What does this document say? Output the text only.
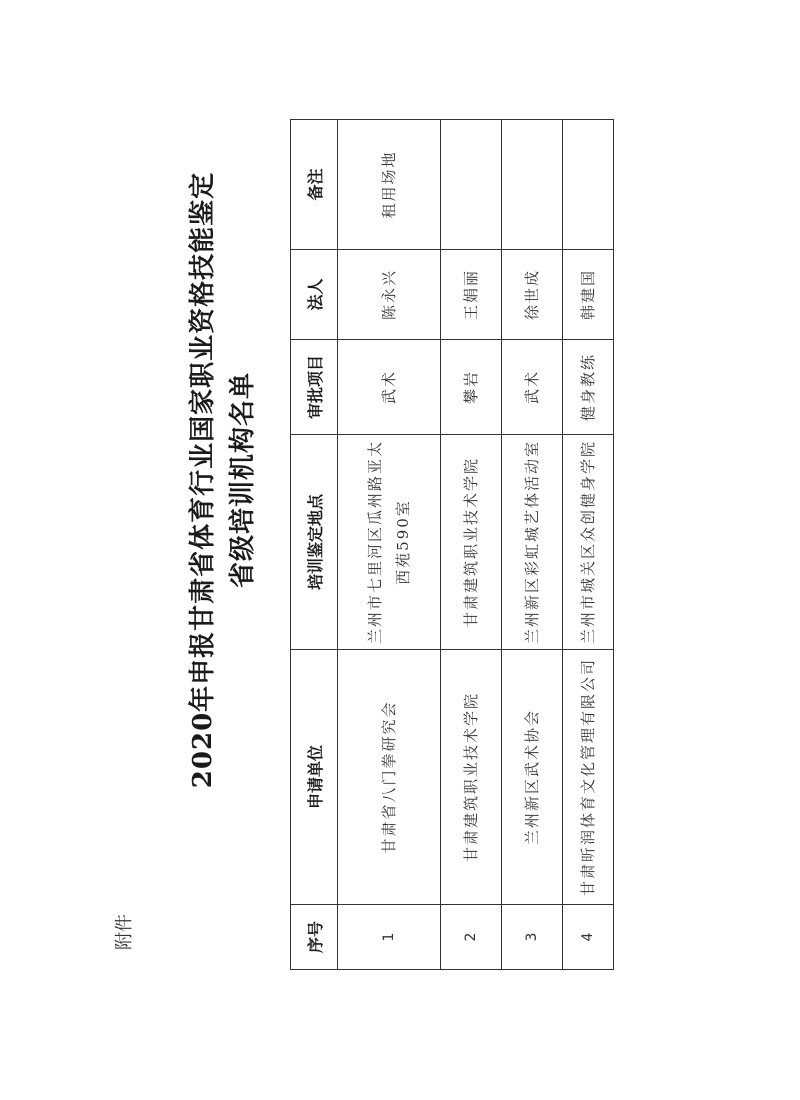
附件
2020年申报甘肃省体育行业国家职业资格技能鉴定 省级培训机构名单
序号	申请单位	培训鉴定地点	审批项目	法人	备注
1	甘肃省八门拳研究会	兰州市七里河区瓜州路亚太西苑590室	武术	陈永兴	租用场地
2	甘肃建筑职业技术学院	甘肃建筑职业技术学院	攀岩	王娟丽	
3	兰州新区武术协会	兰州新区彩虹城艺体活动室	武术	徐世成	
4	甘肃昕润体育文化管理有限公司	兰州市城关区众创健身学院	健身教练	韩建国	
